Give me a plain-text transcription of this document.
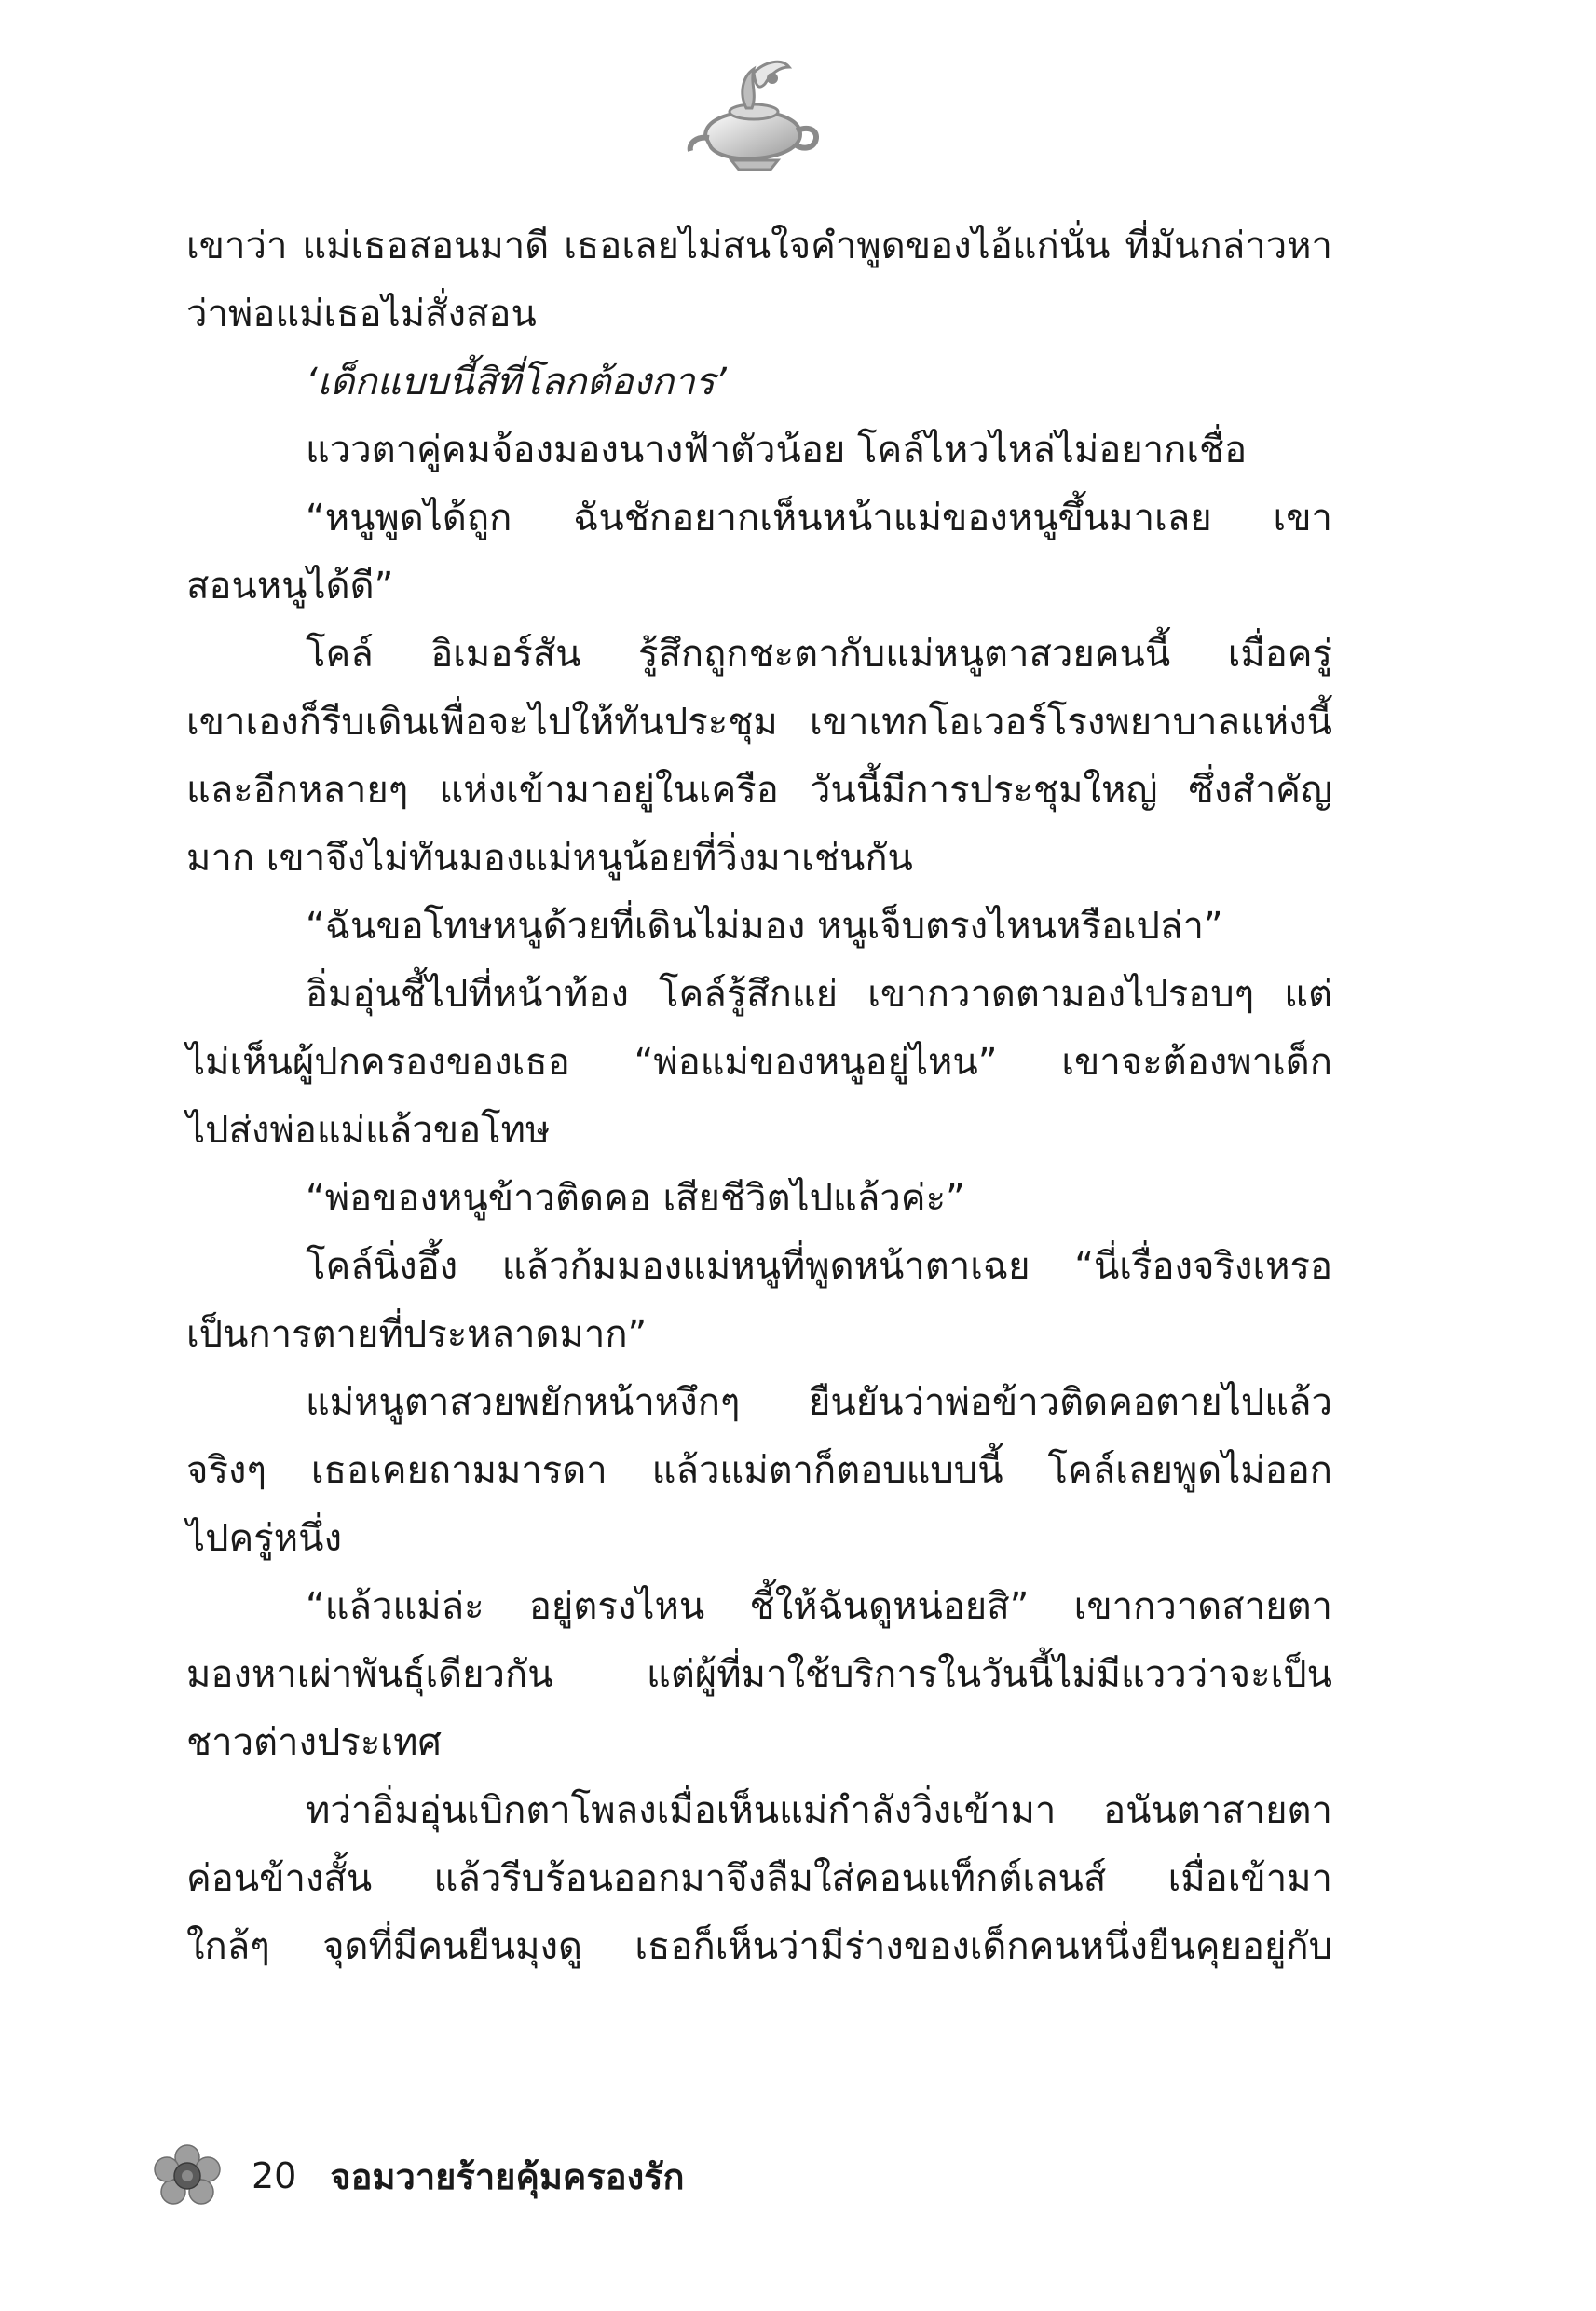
เขาว่า แม่เธอสอนมาดี เธอเลยไม่สนใจคำพูดของไอ้แก่นั่น ที่มันกล่าวหา
ว่าพ่อแม่เธอไม่สั่งสอน
‘เด็กแบบนี้สิที่โลกต้องการ’
แววตาคู่คมจ้องมองนางฟ้าตัวน้อย โคล์ไหวไหล่ไม่อยากเชื่อ
“หนูพูดได้ถูก ฉันชักอยากเห็นหน้าแม่ของหนูขึ้นมาเลย เขา
สอนหนูได้ดี”
โคล์ อิเมอร์สัน รู้สึกถูกชะตากับแม่หนูตาสวยคนนี้ เมื่อครู่
เขาเองก็รีบเดินเพื่อจะไปให้ทันประชุม เขาเทกโอเวอร์โรงพยาบาลแห่งนี้
และอีกหลายๆ แห่งเข้ามาอยู่ในเครือ วันนี้มีการประชุมใหญ่ ซึ่งสำคัญ
มาก เขาจึงไม่ทันมองแม่หนูน้อยที่วิ่งมาเช่นกัน
“ฉันขอโทษหนูด้วยที่เดินไม่มอง หนูเจ็บตรงไหนหรือเปล่า”
อิ่มอุ่นชี้ไปที่หน้าท้อง โคล์รู้สึกแย่ เขากวาดตามองไปรอบๆ แต่
ไม่เห็นผู้ปกครองของเธอ “พ่อแม่ของหนูอยู่ไหน” เขาจะต้องพาเด็ก
ไปส่งพ่อแม่แล้วขอโทษ
“พ่อของหนูข้าวติดคอ เสียชีวิตไปแล้วค่ะ”
โคล์นิ่งอึ้ง แล้วก้มมองแม่หนูที่พูดหน้าตาเฉย “นี่เรื่องจริงเหรอ
เป็นการตายที่ประหลาดมาก”
แม่หนูตาสวยพยักหน้าหงึกๆ ยืนยันว่าพ่อข้าวติดคอตายไปแล้ว
จริงๆ เธอเคยถามมารดา แล้วแม่ตาก็ตอบแบบนี้ โคล์เลยพูดไม่ออก
ไปครู่หนึ่ง
“แล้วแม่ล่ะ อยู่ตรงไหน ชี้ให้ฉันดูหน่อยสิ” เขากวาดสายตา
มองหาเผ่าพันธุ์เดียวกัน แต่ผู้ที่มาใช้บริการในวันนี้ไม่มีแววว่าจะเป็น
ชาวต่างประเทศ
ทว่าอิ่มอุ่นเบิกตาโพลงเมื่อเห็นแม่กำลังวิ่งเข้ามา อนันตาสายตา
ค่อนข้างสั้น แล้วรีบร้อนออกมาจึงลืมใส่คอนแท็กต์เลนส์ เมื่อเข้ามา
ใกล้ๆ จุดที่มีคนยืนมุงดู เธอก็เห็นว่ามีร่างของเด็กคนหนึ่งยืนคุยอยู่กับ
20 จอมวายร้ายคุ้มครองรัก
